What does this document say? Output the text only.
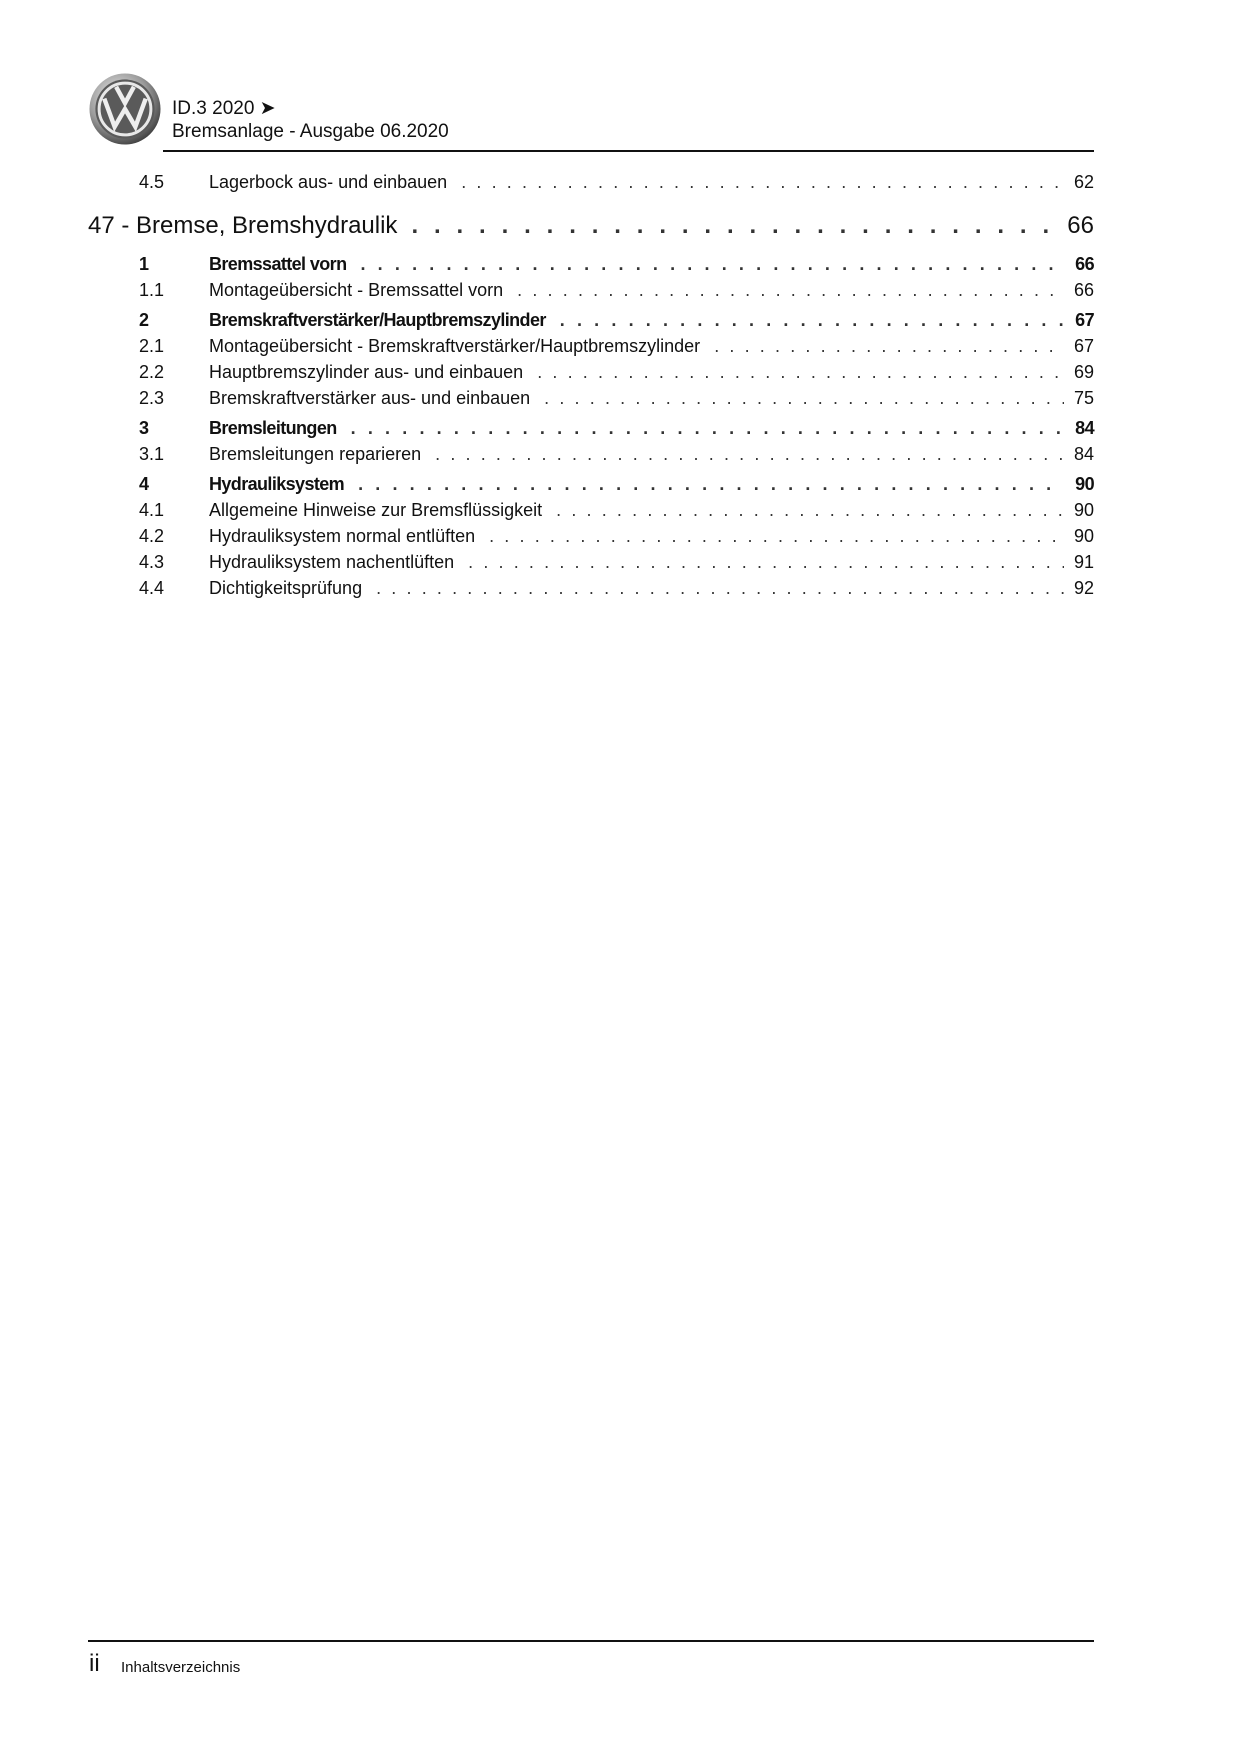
ID.3 2020 ➤
Bremsanlage - Ausgabe 06.2020
4.5	Lagerbock aus- und einbauen . . .	62
47 - Bremse, Bremshydraulik . . .	66
1	Bremssattel vorn . . .	66
1.1	Montageübersicht - Bremssattel vorn . . .	66
2	Bremskraftverstärker/Hauptbremszylinder . . .	67
2.1	Montageübersicht - Bremskraftverstärker/Hauptbremszylinder . . .	67
2.2	Hauptbremszylinder aus- und einbauen . . .	69
2.3	Bremskraftverstärker aus- und einbauen . . .	75
3	Bremsleitungen . . .	84
3.1	Bremsleitungen reparieren . . .	84
4	Hydrauliksystem . . .	90
4.1	Allgemeine Hinweise zur Bremsflüssigkeit . . .	90
4.2	Hydrauliksystem normal entlüften . . .	90
4.3	Hydrauliksystem nachentlüften . . .	91
4.4	Dichtigkeitsprüfung . . .	92
ii Inhaltsverzeichnis
